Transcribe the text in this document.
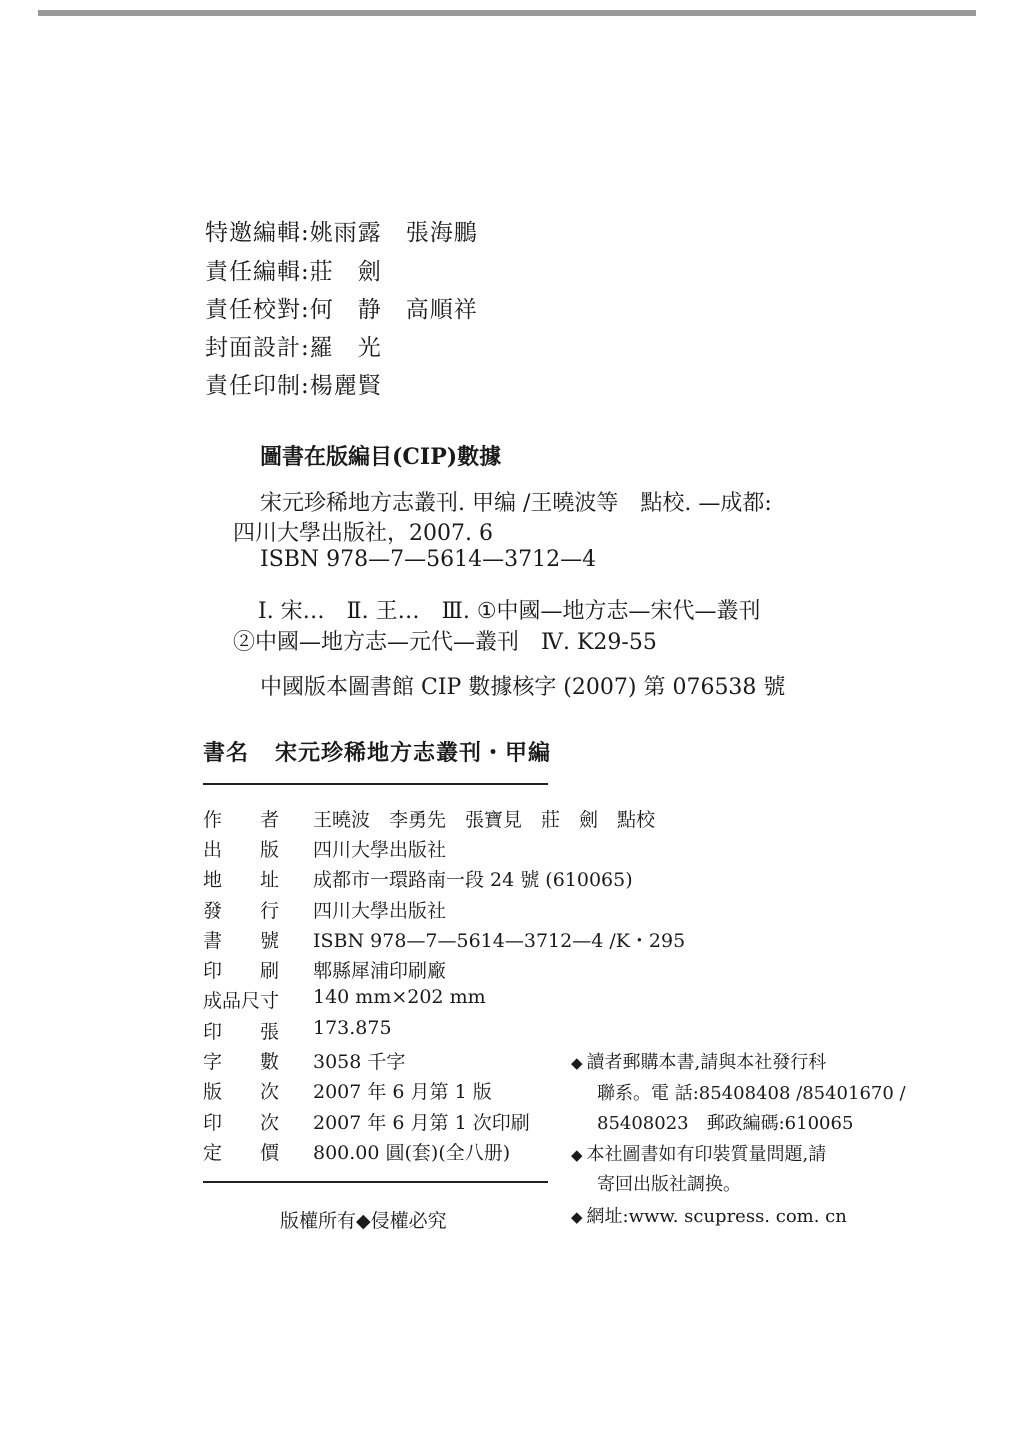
特邀編輯:姚雨露　張海鵬
責任編輯:莊　劍
責任校對:何　静　高順祥
封面設計:羅　光
責任印制:楊麗賢
圖書在版編目(CIP)數據
宋元珍稀地方志叢刊. 甲编 /王曉波等　點校. —成都:
四川大學出版社，2007. 6
ISBN 978—7—5614—3712—4
Ⅰ. 宋…　Ⅱ. 王…　Ⅲ. ①中國—地方志—宋代—叢刊
②中國—地方志—元代—叢刊　Ⅳ. K29-55
中國版本圖書館 CIP 數據核字 (2007) 第 076538 號
書名 宋元珍稀地方志叢刊・甲編
作　　者 王曉波　李勇先　張寶見　莊　劍　點校
出　　版 四川大學出版社
地　　址 成都市一環路南一段 24 號 (610065)
發　　行 四川大學出版社
書　　號 ISBN 978—7—5614—3712—4 /K・295
印　　刷 郫縣犀浦印刷廠
成品尺寸 140 mm×202 mm
印　　張 173.875
字　　數 3058 千字
版　　次 2007 年 6 月第 1 版
印　　次 2007 年 6 月第 1 次印刷
定　　價 800.00 圓(套)(全八册)
◆ 讀者郵購本書,請與本社發行科
聯系。電 話:85408408 /85401670 /
85408023　郵政編碼:610065
◆ 本社圖書如有印裝質量問題,請
寄回出版社調换。
◆ 網址:www. scupress. com. cn
版權所有◆侵權必究
